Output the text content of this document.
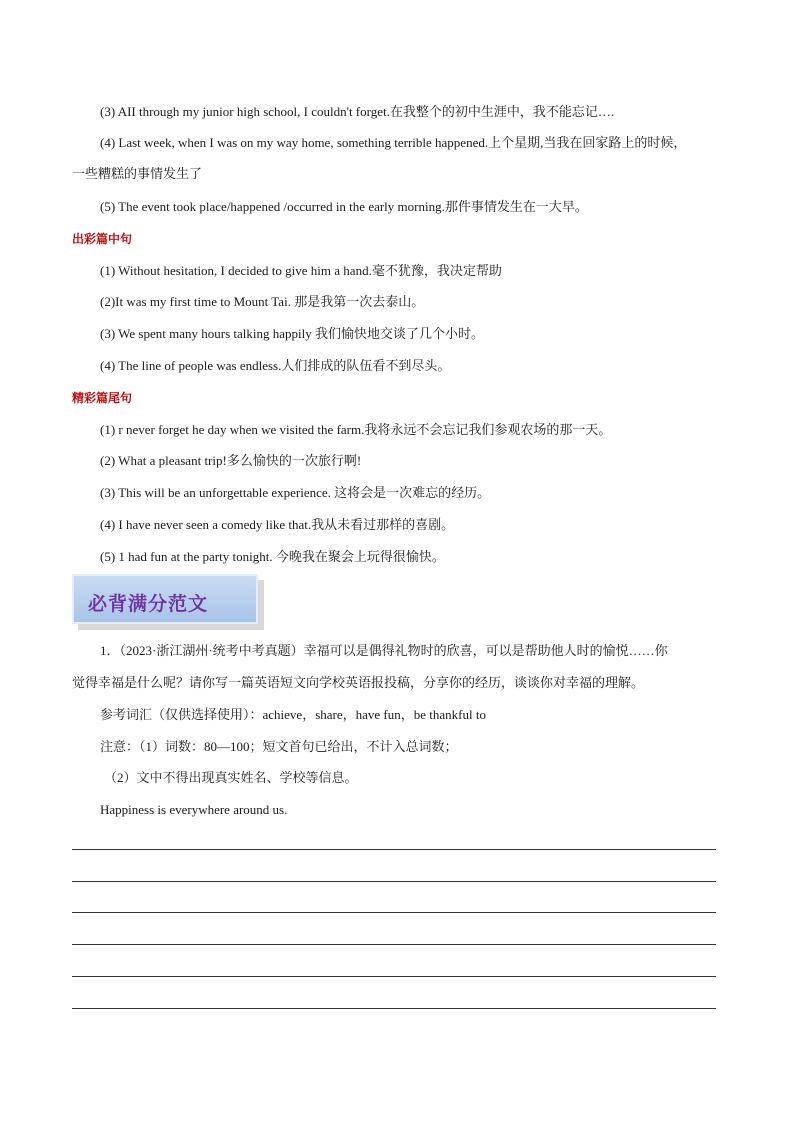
(3) AII through my junior high school, I couldn't forget.在我整个的初中生涯中，我不能忘记….
(4) Last week, when I was on my way home, something terrible happened.上个星期,当我在回家路上的时候，
一些糟糕的事情发生了
(5) The event took place/happened /occurred in the early morning.那件事情发生在一大早。
出彩篇中句
(1) Without hesitation, I decided to give him a hand.毫不犹豫，我决定帮助
(2)It was my first time to Mount Tai. 那是我第一次去泰山。
(3) We spent many hours talking happily 我们愉快地交谈了几个小时。
(4) The line of people was endless.人们排成的队伍看不到尽头。
精彩篇尾句
(1) r never forget he day when we visited the farm.我将永远不会忘记我们参观农场的那一天。
(2) What a pleasant trip!多么愉快的一次旅行啊!
(3) This will be an unforgettable experience. 这将会是一次难忘的经历。
(4) I have never seen a comedy like that.我从未看过那样的喜剧。
(5) 1 had fun at the party tonight. 今晚我在聚会上玩得很愉快。
必背满分范文
1．（2023·浙江湖州·统考中考真题）幸福可以是偶得礼物时的欣喜，可以是帮助他人时的愉悦……你
觉得幸福是什么呢？请你写一篇英语短文向学校英语报投稿，分享你的经历，谈谈你对幸福的理解。
参考词汇（仅供选择使用）：achieve，share，have fun，be thankful to
注意：（1）词数：80—100；短文首句已给出，不计入总词数；
（2）文中不得出现真实姓名、学校等信息。
Happiness is everywhere around us.
